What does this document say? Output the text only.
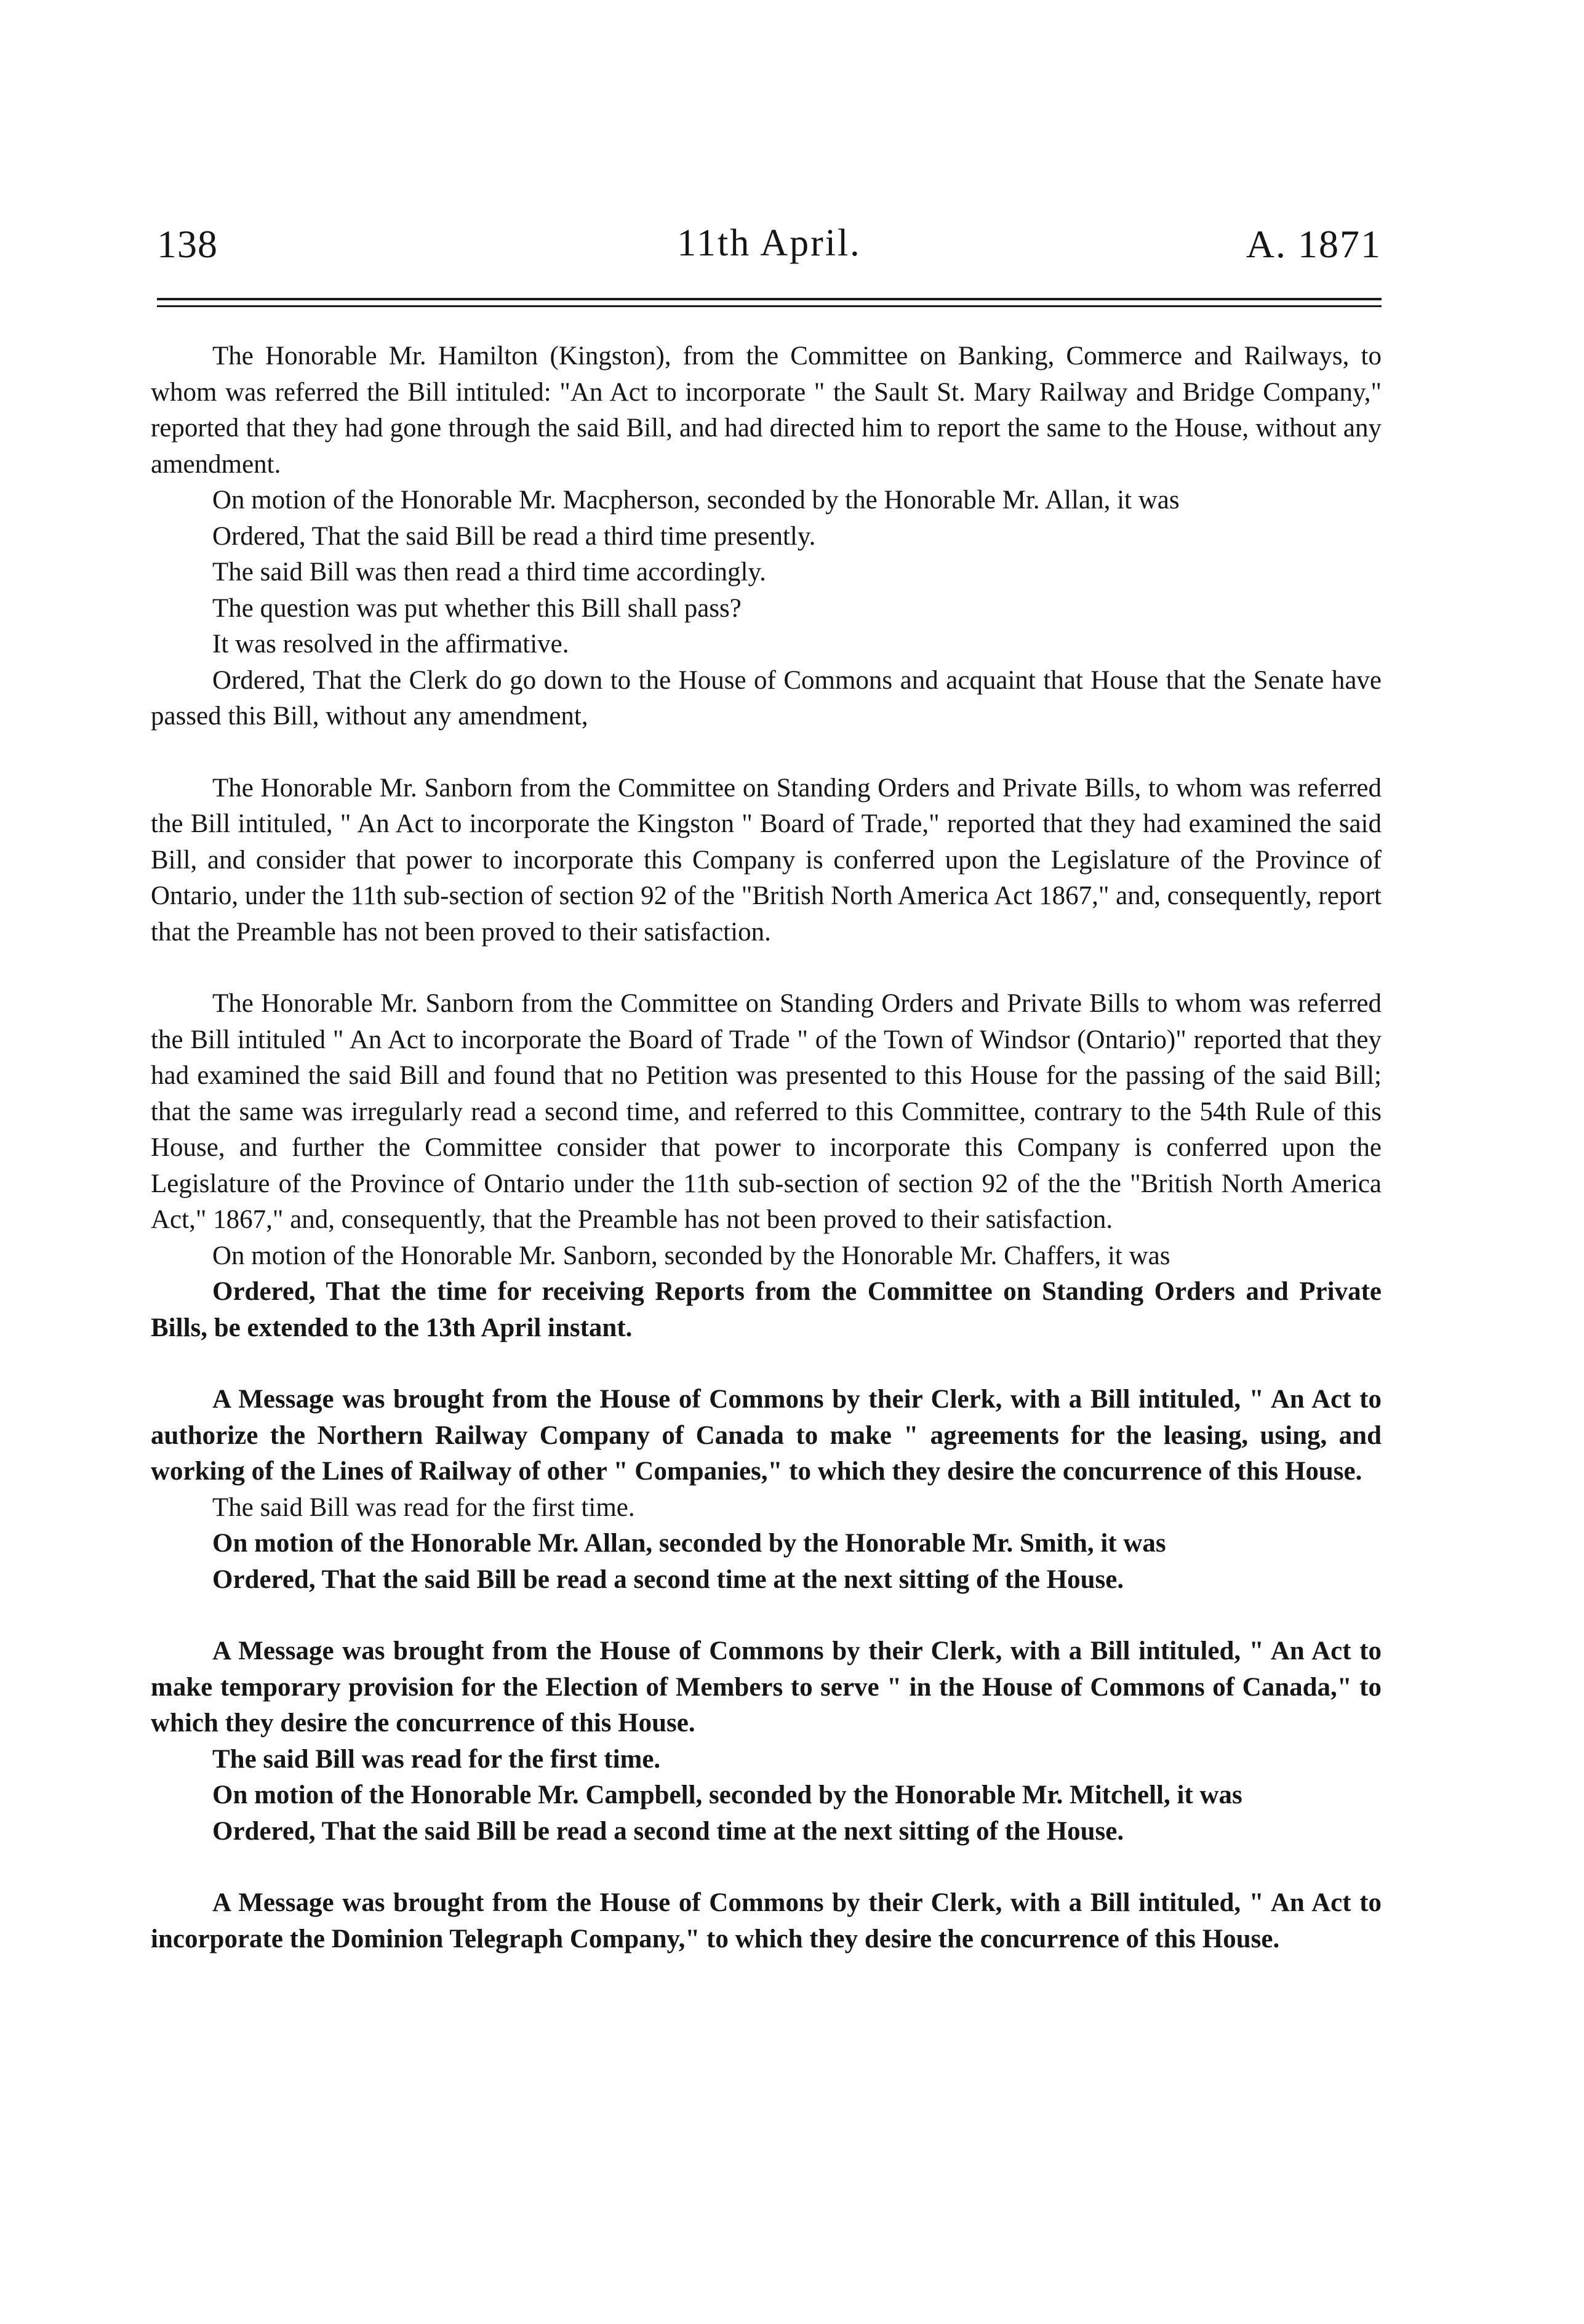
138	11th April.	A. 1871

The Honorable Mr. Hamilton (Kingston), from the Committee on Banking, Commerce and Railways, to whom was referred the Bill intituled: "An Act to incorporate " the Sault St. Mary Railway and Bridge Company," reported that they had gone through the said Bill, and had directed him to report the same to the House, without any amendment.

On motion of the Honorable Mr. Macpherson, seconded by the Honorable Mr. Allan, it was

Ordered, That the said Bill be read a third time presently.

The said Bill was then read a third time accordingly.

The question was put whether this Bill shall pass?

It was resolved in the affirmative.

Ordered, That the Clerk do go down to the House of Commons and acquaint that House that the Senate have passed this Bill, without any amendment,

The Honorable Mr. Sanborn from the Committee on Standing Orders and Private Bills, to whom was referred the Bill intituled, " An Act to incorporate the Kingston " Board of Trade," reported that they had examined the said Bill, and consider that power to incorporate this Company is conferred upon the Legislature of the Province of Ontario, under the 11th sub-section of section 92 of the "British North America Act 1867," and, consequently, report that the Preamble has not been proved to their satisfaction.

The Honorable Mr. Sanborn from the Committee on Standing Orders and Private Bills to whom was referred the Bill intituled " An Act to incorporate the Board of Trade " of the Town of Windsor (Ontario)" reported that they had examined the said Bill and found that no Petition was presented to this House for the passing of the said Bill; that the same was irregularly read a second time, and referred to this Committee, contrary to the 54th Rule of this House, and further the Committee consider that power to incorporate this Company is conferred upon the Legislature of the Province of Ontario under the 11th sub-section of section 92 of the the "British North America Act," 1867," and, consequently, that the Preamble has not been proved to their satisfaction.

On motion of the Honorable Mr. Sanborn, seconded by the Honorable Mr. Chaffers, it was

Ordered, That the time for receiving Reports from the Committee on Standing Orders and Private Bills, be extended to the 13th April instant.

A Message was brought from the House of Commons by their Clerk, with a Bill intituled, " An Act to authorize the Northern Railway Company of Canada to make " agreements for the leasing, using, and working of the Lines of Railway of other " Companies," to which they desire the concurrence of this House.

The said Bill was read for the first time.

On motion of the Honorable Mr. Allan, seconded by the Honorable Mr. Smith, it was

Ordered, That the said Bill be read a second time at the next sitting of the House.

A Message was brought from the House of Commons by their Clerk, with a Bill intituled, " An Act to make temporary provision for the Election of Members to serve " in the House of Commons of Canada," to which they desire the concurrence of this House.

The said Bill was read for the first time.

On motion of the Honorable Mr. Campbell, seconded by the Honorable Mr. Mitchell, it was

Ordered, That the said Bill be read a second time at the next sitting of the House.

A Message was brought from the House of Commons by their Clerk, with a Bill intituled, " An Act to incorporate the Dominion Telegraph Company," to which they desire the concurrence of this House.
